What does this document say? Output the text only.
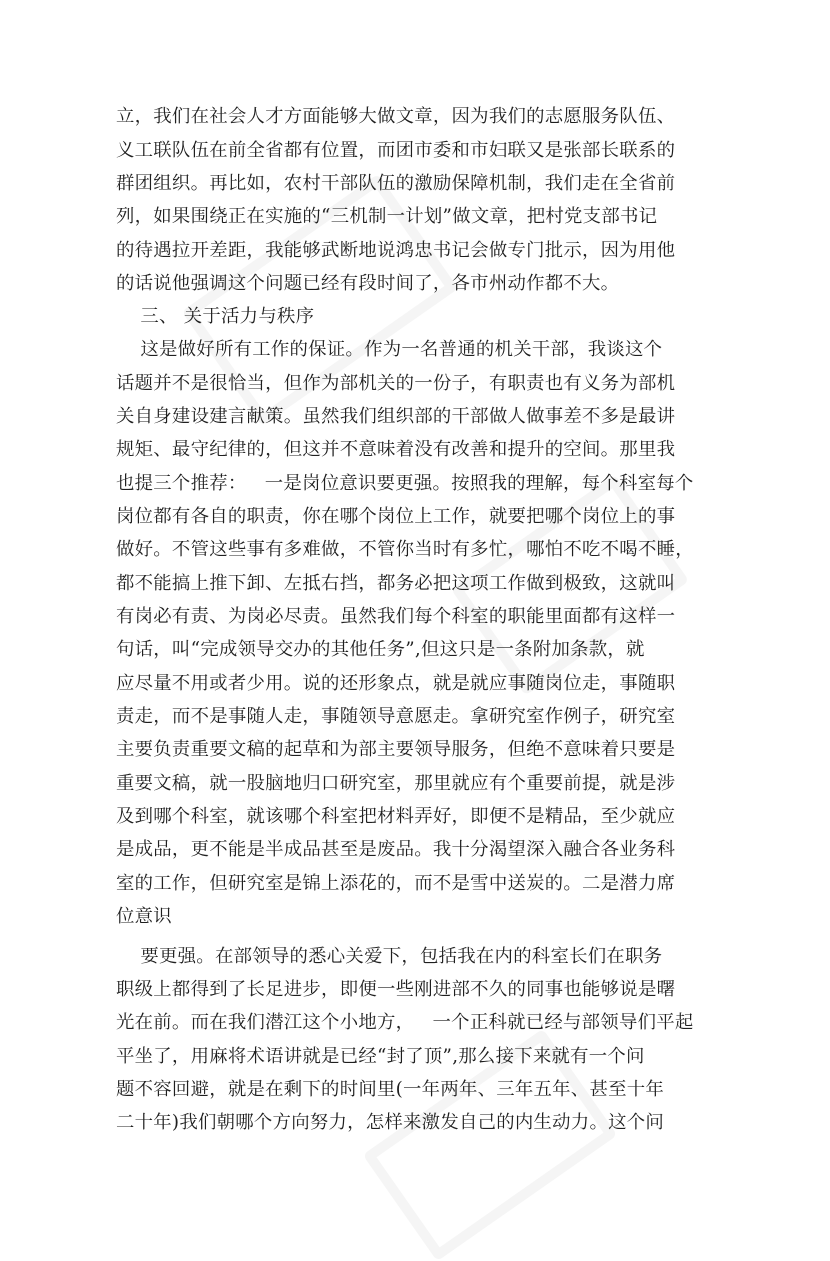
立，我们在社会人才方面能够大做文章，因为我们的志愿服务队伍、
义工联队伍在前全省都有位置，而团市委和市妇联又是张部长联系的
群团组织。再比如，农村干部队伍的激励保障机制，我们走在全省前
列，如果围绕正在实施的“三机制一计划”做文章，把村党支部书记
的待遇拉开差距，我能够武断地说鸿忠书记会做专门批示，因为用他
的话说他强调这个问题已经有段时间了，各市州动作都不大。
三、 关于活力与秩序
这是做好所有工作的保证。作为一名普通的机关干部，我谈这个
话题并不是很恰当，但作为部机关的一份子，有职责也有义务为部机
关自身建设建言献策。虽然我们组织部的干部做人做事差不多是最讲
规矩、最守纪律的，但这并不意味着没有改善和提升的空间。那里我
也提三个推荐：   一是岗位意识要更强。按照我的理解，每个科室每个
岗位都有各自的职责，你在哪个岗位上工作，就要把哪个岗位上的事
做好。不管这些事有多难做，不管你当时有多忙，哪怕不吃不喝不睡，
都不能搞上推下卸、左抵右挡，都务必把这项工作做到极致，这就叫
有岗必有责、为岗必尽责。虽然我们每个科室的职能里面都有这样一
句话，叫“完成领导交办的其他任务”,但这只是一条附加条款，就
应尽量不用或者少用。说的还形象点，就是就应事随岗位走，事随职
责走，而不是事随人走，事随领导意愿走。拿研究室作例子，研究室
主要负责重要文稿的起草和为部主要领导服务，但绝不意味着只要是
重要文稿，就一股脑地归口研究室，那里就应有个重要前提，就是涉
及到哪个科室，就该哪个科室把材料弄好，即便不是精品，至少就应
是成品，更不能是半成品甚至是废品。我十分渴望深入融合各业务科
室的工作，但研究室是锦上添花的，而不是雪中送炭的。二是潜力席
位意识
要更强。在部领导的悉心关爱下，包括我在内的科室长们在职务
职级上都得到了长足进步，即便一些刚进部不久的同事也能够说是曙
光在前。而在我们潜江这个小地方，   一个正科就已经与部领导们平起
平坐了，用麻将术语讲就是已经“封了顶”,那么接下来就有一个问
题不容回避，就是在剩下的时间里(一年两年、三年五年、甚至十年
二十年)我们朝哪个方向努力，怎样来激发自己的内生动力。这个问
